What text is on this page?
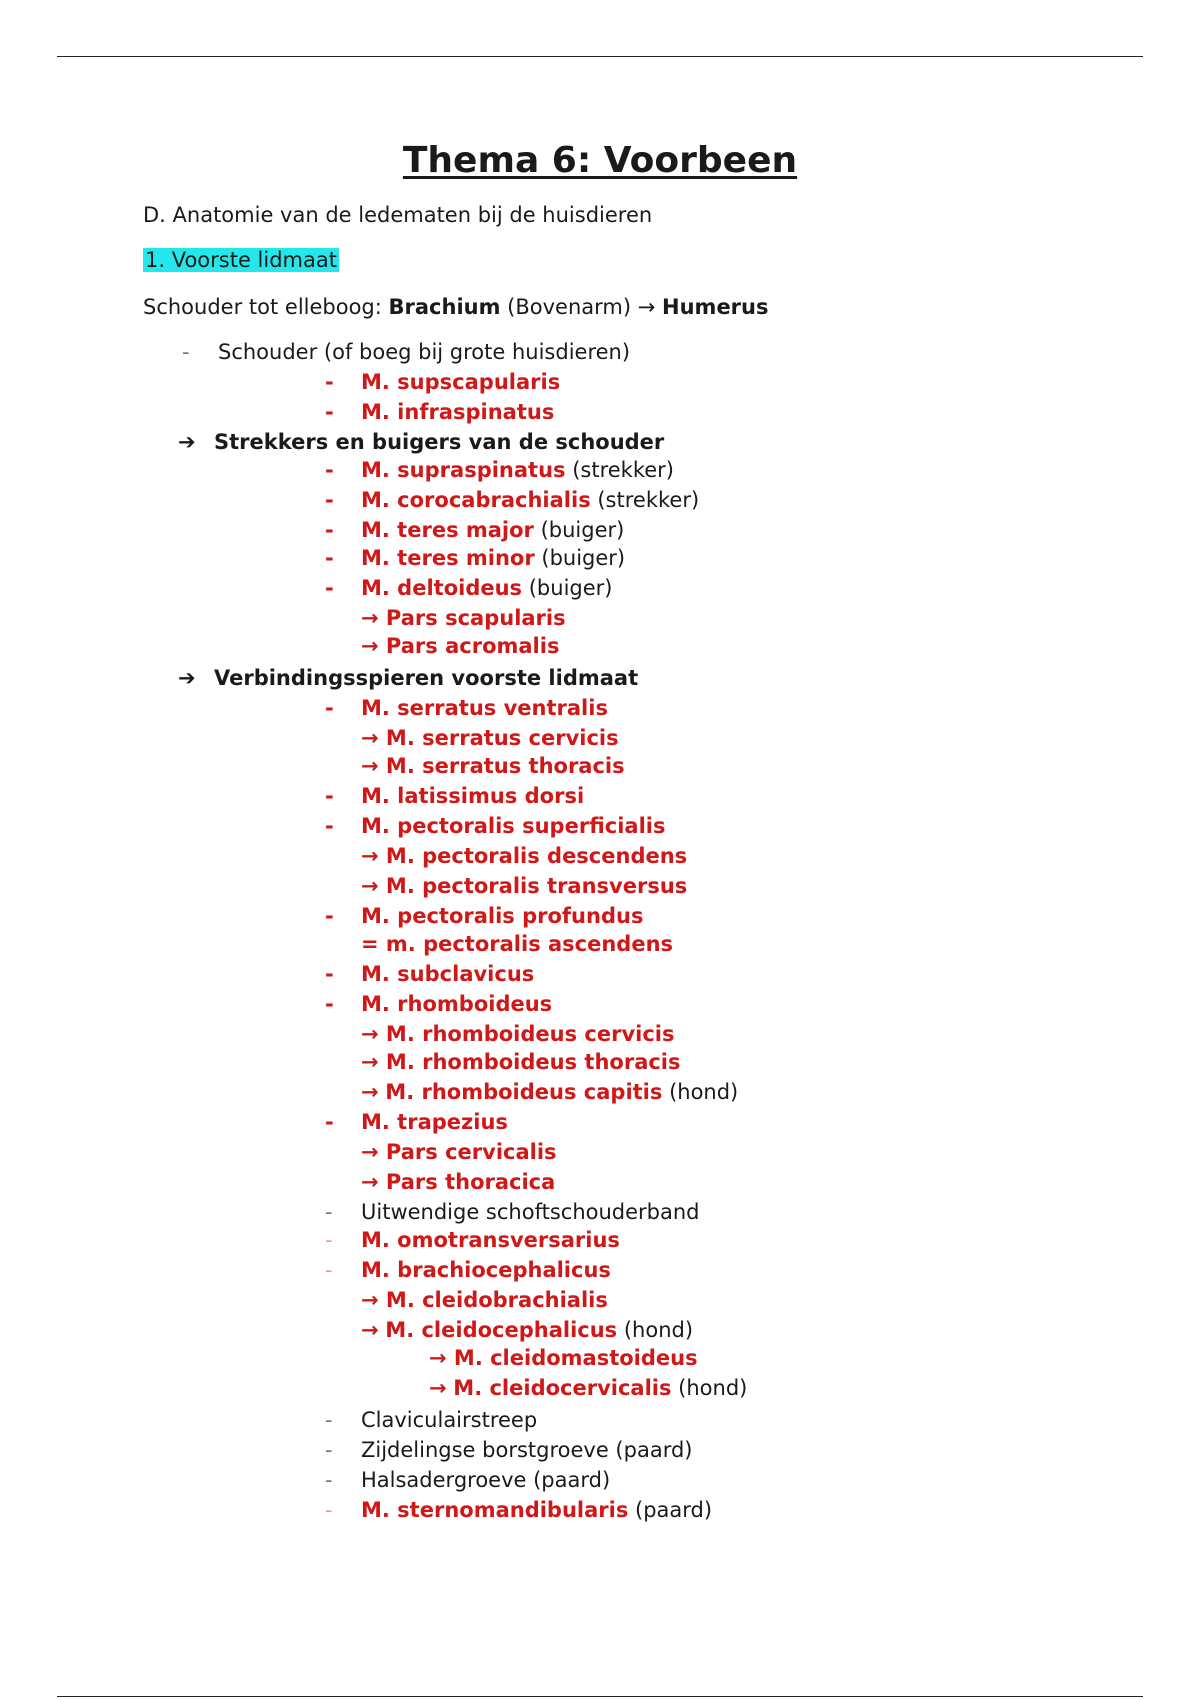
Thema 6: Voorbeen
D. Anatomie van de ledematen bij de huisdieren
1. Voorste lidmaat
Schouder tot elleboog: Brachium (Bovenarm) → Humerus
- Schouder (of boeg bij grote huisdieren)
- M. supscapularis
- M. infraspinatus
➔ Strekkers en buigers van de schouder
- M. supraspinatus (strekker)
- M. corocabrachialis (strekker)
- M. teres major (buiger)
- M. teres minor (buiger)
- M. deltoideus (buiger)
→ Pars scapularis
→ Pars acromalis
➔ Verbindingsspieren voorste lidmaat
- M. serratus ventralis
→ M. serratus cervicis
→ M. serratus thoracis
- M. latissimus dorsi
- M. pectoralis superficialis
→ M. pectoralis descendens
→ M. pectoralis transversus
- M. pectoralis profundus
= m. pectoralis ascendens
- M. subclavicus
- M. rhomboideus
→ M. rhomboideus cervicis
→ M. rhomboideus thoracis
→ M. rhomboideus capitis (hond)
- M. trapezius
→ Pars cervicalis
→ Pars thoracica
- Uitwendige schoftschouderband
- M. omotransversarius
- M. brachiocephalicus
→ M. cleidobrachialis
→ M. cleidocephalicus (hond)
→ M. cleidomastoideus
→ M. cleidocervicalis (hond)
- Claviculairstreep
- Zijdelingse borstgroeve (paard)
- Halsadergroeve (paard)
- M. sternomandibularis (paard)
